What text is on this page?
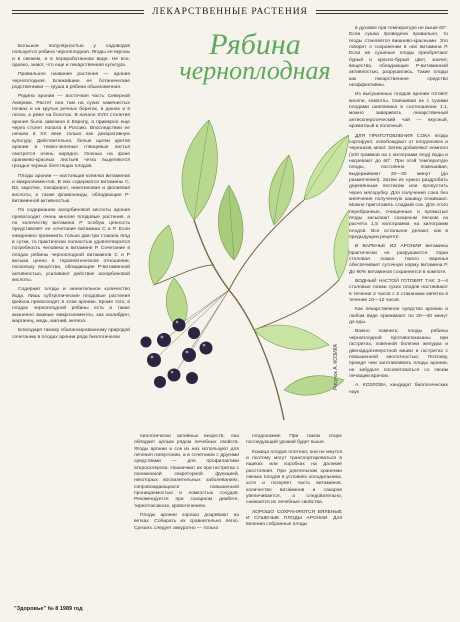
ЛЕКАРСТВЕННЫЕ РАСТЕНИЯ

Большой популярностью у садоводов пользуется рябина черноплодная. Ягоды ее вкусны и в свежем, и в переработанном виде. Не все, однако, знают, что еще и лекарственная культура.

Правильное название растения — арония черноплодная. Ближайшие ее ботанические родственники — груша и рябина обыкновенная.

Родина аронии — восточная часть Северной Америки. Растет она там на сухих каменистых почвах и на крутых речных берегах, в дюнах и в лесах, а реже на болотах. В начале XVIII столетия арония была завезена в Европу, а примерно еще через столет попала в Россию. Впоследствии ее начали в XX веке только как декоративную культуру. Действительно, белые щитки цветов аронии и темно-зеленые глянцевые листья смотрятся очень нарядно. Осенью на фоне оранжево-красных листьев четко выделяются гроздья черных блестящих плодов.

Плоды аронии — настоящая копилка витаминов и микроэлементов. В них содержатся витамины С, В2, каротин, токоферол, никотиновая и фолиевая кислоты, а также флавоноиды, обладающие Р-витаминной активностью.

По содержанию аскорбиновой кислоты арония превосходит очень многие плодовые растения, а по количеству витамина Р особую ценность представляет ее сочетание витамина С и Р. Если ежедневно принимать только два-три стакана ягод в сутки, то практически полностью удовлетворится потребность человека в витамине Р. Сочетание в плодах рябины черноплодной витаминов С и Р весьма ценно в терапевтическом отношении, поскольку вещества, обладающие Р-витаминной активностью, усиливают действие аскорбиновой кислоты.

Содержит плоды и значительное количество йода. Лишь субтропические плодовые растения фейхоа превосходят в этом аронию. Кроме того, в плодах черноплодной рябины есть и такие жизненно важные микроэлементы, как молибден, марганец, медь, магний, железо.

Благодаря такому сбалансированному природой сочетанию в плодах аронии ряда биологически

Рябина
черноплодная
Рисунок А. КОЗИКА

биологически активных веществ, она обладает целым рядом лечебных свойств. Ягоды аронии и сок из них используют для лечения гипертонии, а в сочетании с другими средствами — для профилактики атеросклероза. Назначают их при гастритах с пониженной секреторной функцией, некоторых воспалительных заболеваниях, сопровождающихся повышенной проницаемостью и ломкостью сосудов. Рекомендуется при сахарном диабете, тиреотоксикозе, кровотечениях.

Плоды аронии хорошо дозревают на ветках. Собирать их сравнительно легко. Срезать следует аккуратно — только

плодоножки! При таком сборе последующий урожай будет выше.

Кожица плодов плотная, они не мнутся и поэтому могут транспортироваться в ящиках или коробках на далекие расстояния. При длительном хранении свежих плодов в условиях холодильника, хотя и потеряет часть витаминов, количество витаминов и сахаров увеличивается, а следовательно, снижается их лечебные свойства.

ХОРОШО СОХРАНЯЮТСЯ ВЯЛЕНЫЕ И СУШЕНЫЕ ПЛОДЫ АРОНИИ. Для вяления собранные плоды

в духовке при температуре не выше 60°. Если сушка проведена правильно, то ягоды становятся вишнево-красными. Это говорит о сохранении в них витамина Р. Если же сушеные плоды приобретают бурый и красно-бурый цвет, значит, вещества, обладающие Р-витаминной активностью, разрушились. Такие плоды как лекарственное средство неэффективны.

Из высушенных плодов аронии готовят кисели, компоты. Смешивая их с сухими плодами шиповника в соотношении 1:1, можно заваривать лекарственный антисклеротический чай — вкусный, ароматный и полезный.

ДЛЯ ПРИГОТОВЛЕНИЯ СОКА ягоды сортируют, освобождают от плодоножек и черешков, моют. Затем добавляют немного (100 граммов на 1 килограмм ягод) воды и нагревают до 60°. При этой температуре плоды, постоянно помешивая, выдерживают 20—30 минут (до размягчения). Затем их нужно раздробить деревянным пестиком или пропустить через мясорубку. Для получения сока без кипячения полученную кашицу отжимают. Можно приготовить сладкий сок. Для этого перебранные, очищенные и промытые ягоды засыпают сахарным песком из расчета 1,5 килограмма на килограмм плодов. Все остальное делают, как в предыдущем рецепте.

В ВАРЕНЬЕ ИЗ АРОНИИ витамины практически не разрушаются. Одна столовая ложка такого варенья обеспечивает суточную норму витамина Р. До 90% витаминов сохраняется в компоте.

ВОДНЫЙ НАСТОЙ ГОТОВЯТ ТАК: 2—4 столовые ложки сухих плодов настаивают в течение 2 часов с 2 стаканами кипятка в течение 10—12 часов.

Как лекарственное средство аронию и любом виде принимают по 20—40 минут до еды.

Важно помнить: плоды рябины черноплодной противопоказаны при гастритах, язвенной болезни желудка и двенадцатиперстной кишки и гастритах с повышенной кислотностью. Поэтому, прежде чем заготавливать плоды аронии, не забудьте посоветоваться со своим лечащим врачом.

А. КОЗЛОВА, кандидат биологических наук

"Здоровье" № 8 1989 год
